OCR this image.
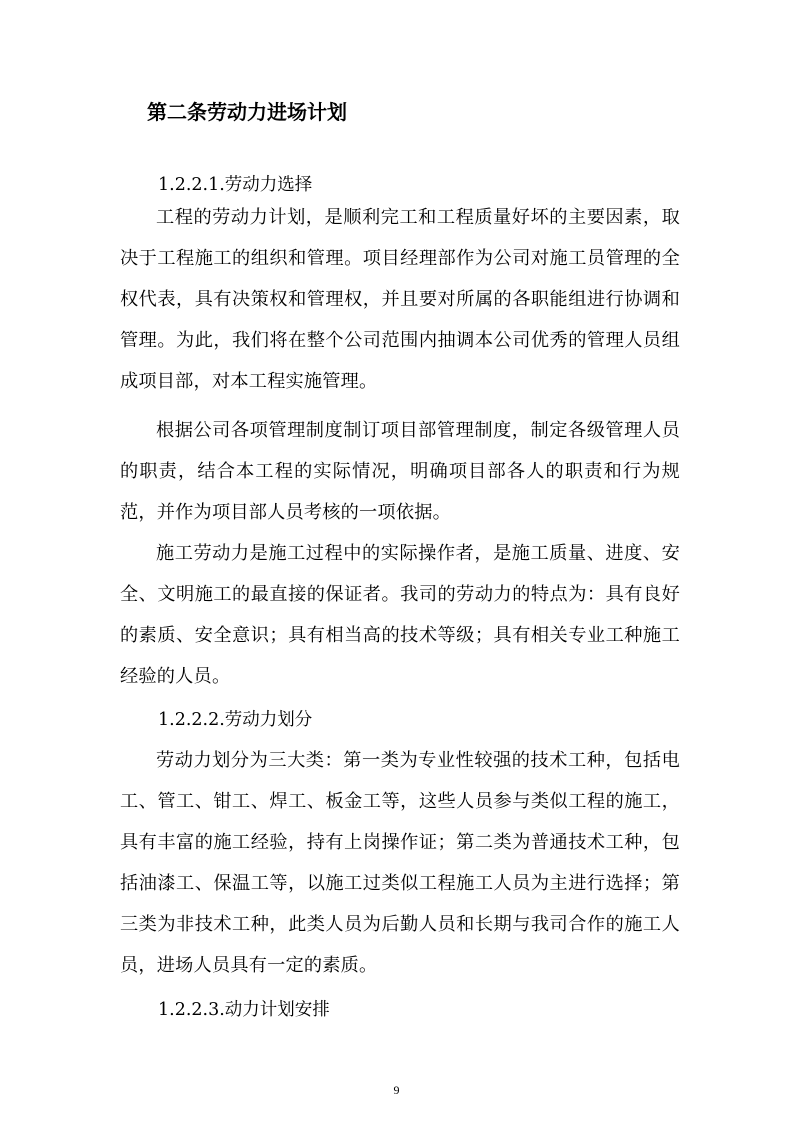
第二条劳动力进场计划
1.2.2.1.劳动力选择

工程的劳动力计划，是顺利完工和工程质量好坏的主要因素，取决于工程施工的组织和管理。项目经理部作为公司对施工员管理的全权代表，具有决策权和管理权，并且要对所属的各职能组进行协调和管理。为此，我们将在整个公司范围内抽调本公司优秀的管理人员组成项目部，对本工程实施管理。

根据公司各项管理制度制订项目部管理制度，制定各级管理人员的职责，结合本工程的实际情况，明确项目部各人的职责和行为规范，并作为项目部人员考核的一项依据。

施工劳动力是施工过程中的实际操作者，是施工质量、进度、安全、文明施工的最直接的保证者。我司的劳动力的特点为：具有良好的素质、安全意识；具有相当高的技术等级；具有相关专业工种施工经验的人员。

1.2.2.2.劳动力划分

劳动力划分为三大类：第一类为专业性较强的技术工种，包括电工、管工、钳工、焊工、板金工等，这些人员参与类似工程的施工，具有丰富的施工经验，持有上岗操作证；第二类为普通技术工种，包括油漆工、保温工等，以施工过类似工程施工人员为主进行选择；第三类为非技术工种，此类人员为后勤人员和长期与我司合作的施工人员，进场人员具有一定的素质。

1.2.2.3.动力计划安排
9
